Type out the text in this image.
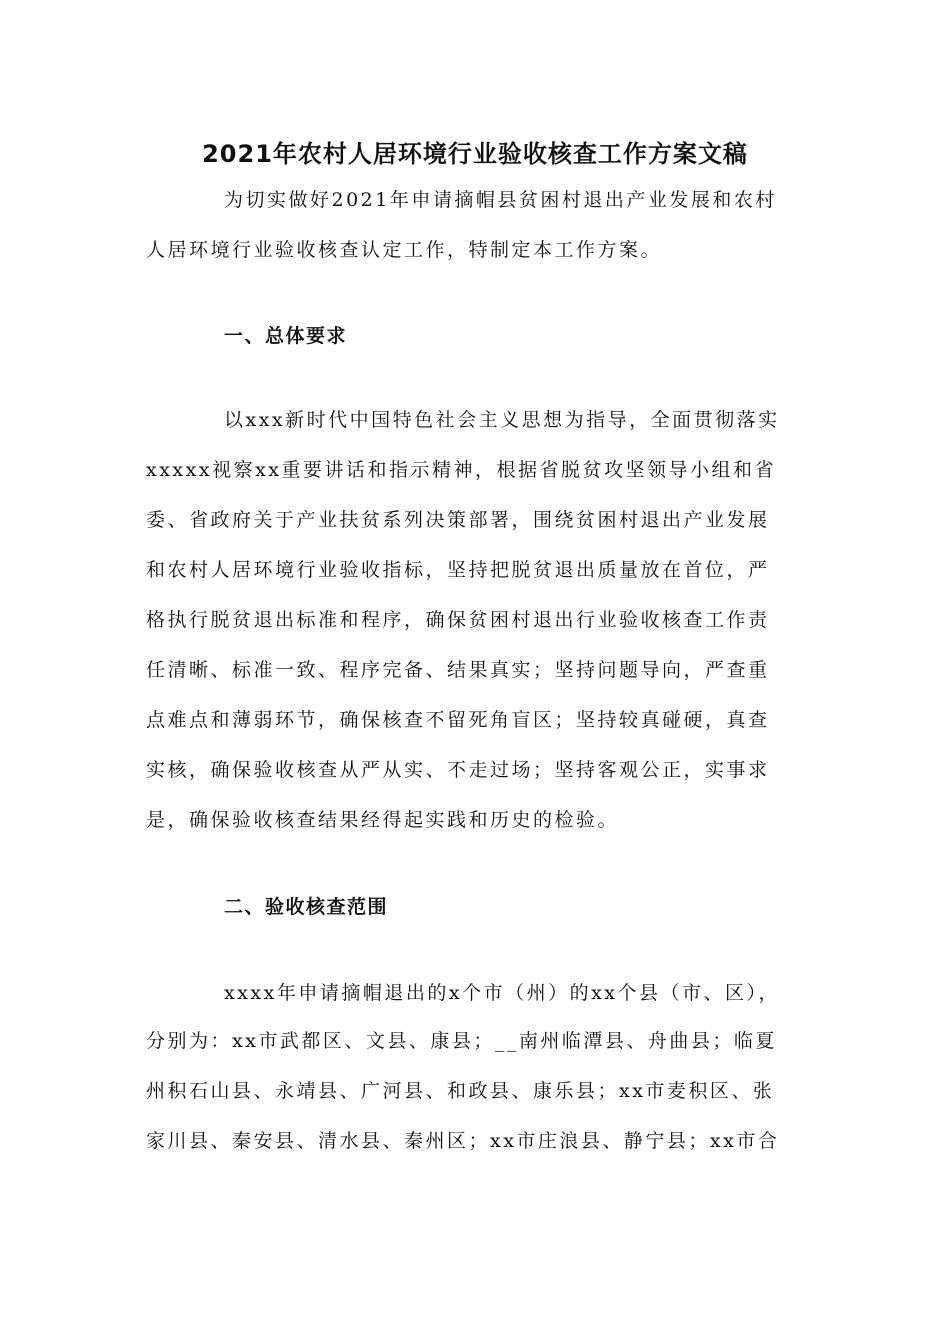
2021年农村人居环境行业验收核查工作方案文稿

为切实做好2021年申请摘帽县贫困村退出产业发展和农村

人居环境行业验收核查认定工作，特制定本工作方案。

一、总体要求

以xxx新时代中国特色社会主义思想为指导，全面贯彻落实

xxxxx视察xx重要讲话和指示精神，根据省脱贫攻坚领导小组和省

委、省政府关于产业扶贫系列决策部署，围绕贫困村退出产业发展

和农村人居环境行业验收指标，坚持把脱贫退出质量放在首位，严

格执行脱贫退出标准和程序，确保贫困村退出行业验收核查工作责

任清晰、标准一致、程序完备、结果真实；坚持问题导向，严查重

点难点和薄弱环节，确保核查不留死角盲区；坚持较真碰硬，真查

实核，确保验收核查从严从实、不走过场；坚持客观公正，实事求

是，确保验收核查结果经得起实践和历史的检验。

二、验收核查范围

xxxx年申请摘帽退出的x个市（州）的xx个县（市、区），

分别为：xx市武都区、文县、康县；__南州临潭县、舟曲县；临夏

州积石山县、永靖县、广河县、和政县、康乐县；xx市麦积区、张

家川县、秦安县、清水县、秦州区；xx市庄浪县、静宁县；xx市合
